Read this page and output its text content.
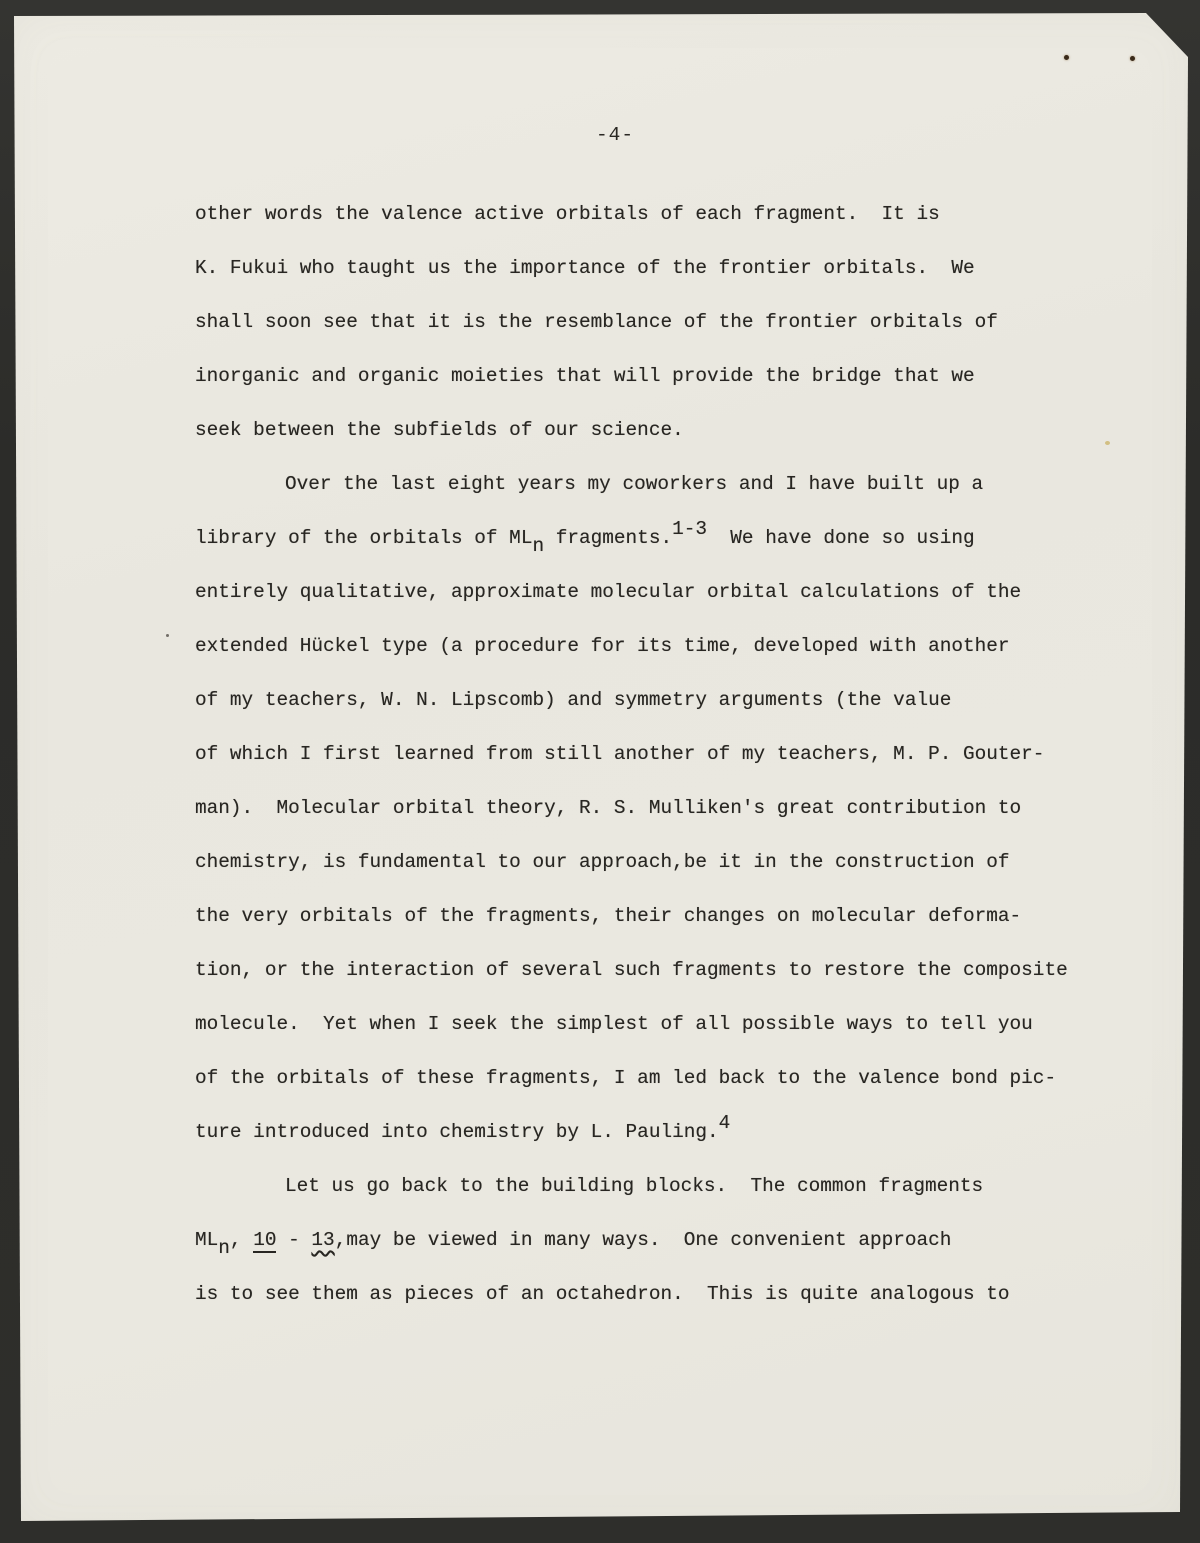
-4-
other words the valence active orbitals of each fragment.  It is
K. Fukui who taught us the importance of the frontier orbitals.  We
shall soon see that it is the resemblance of the frontier orbitals of
inorganic and organic moieties that will provide the bridge that we
seek between the subfields of our science.
Over the last eight years my coworkers and I have built up a
library of the orbitals of MLn fragments.1-3  We have done so using
entirely qualitative, approximate molecular orbital calculations of the
extended Hückel type (a procedure for its time, developed with another
of my teachers, W. N. Lipscomb) and symmetry arguments (the value
of which I first learned from still another of my teachers, M. P. Gouter-
man).  Molecular orbital theory, R. S. Mulliken's great contribution to
chemistry, is fundamental to our approach,be it in the construction of
the very orbitals of the fragments, their changes on molecular deforma-
tion, or the interaction of several such fragments to restore the composite
molecule.  Yet when I seek the simplest of all possible ways to tell you
of the orbitals of these fragments, I am led back to the valence bond pic-
ture introduced into chemistry by L. Pauling.4
Let us go back to the building blocks.  The common fragments
MLn, 10 - 13,may be viewed in many ways.  One convenient approach
is to see them as pieces of an octahedron.  This is quite analogous to
